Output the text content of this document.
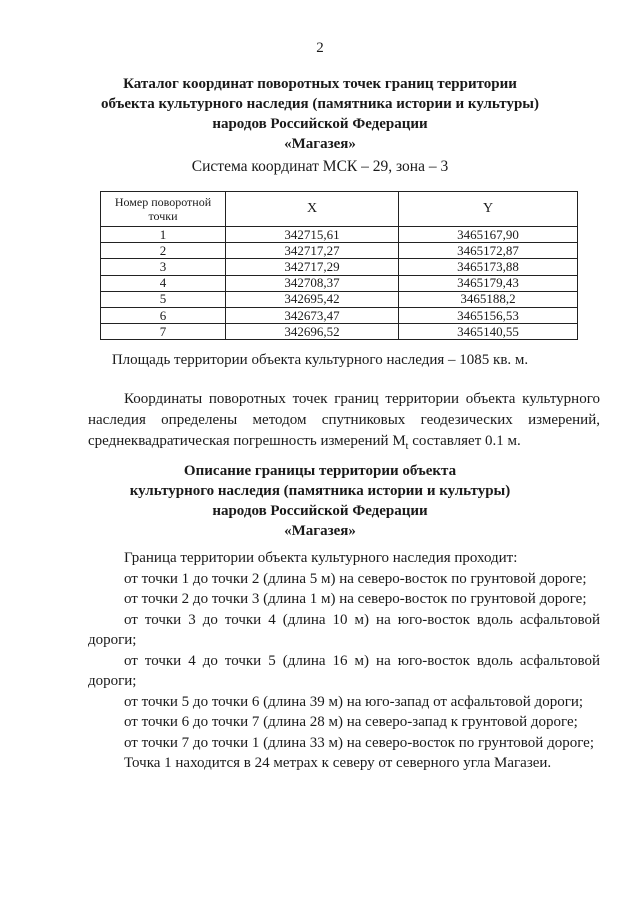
2
Каталог координат поворотных точек границ территории
объекта культурного наследия (памятника истории и культуры)
народов Российской Федерации
«Магазея»
Система координат МСК – 29, зона – 3
Номер поворотной точки	X	Y
1	342715,61	3465167,90
2	342717,27	3465172,87
3	342717,29	3465173,88
4	342708,37	3465179,43
5	342695,42	3465188,2
6	342673,47	3465156,53
7	342696,52	3465140,55
Площадь территории объекта культурного наследия – 1085 кв. м.
Координаты поворотных точек границ территории объекта культурного наследия определены методом спутниковых геодезических измерений, среднеквадратическая погрешность измерений $M_t$ составляет 0.1 м.
Описание границы территории объекта
культурного наследия (памятника истории и культуры)
народов Российской Федерации
«Магазея»
Граница территории объекта культурного наследия проходит:
от точки 1 до точки 2 (длина 5 м) на северо-восток по грунтовой дороге;
от точки 2 до точки 3 (длина 1 м) на северо-восток по грунтовой дороге;
от точки 3 до точки 4 (длина 10 м) на юго-восток вдоль асфальтовой дороги;
от точки 4 до точки 5 (длина 16 м) на юго-восток вдоль асфальтовой дороги;
от точки 5 до точки 6 (длина 39 м) на юго-запад от асфальтовой дороги;
от точки 6 до точки 7 (длина 28 м) на северо-запад к грунтовой дороге;
от точки 7 до точки 1 (длина 33 м) на северо-восток по грунтовой дороге;
Точка 1 находится в 24 метрах к северу от северного угла Магазеи.
